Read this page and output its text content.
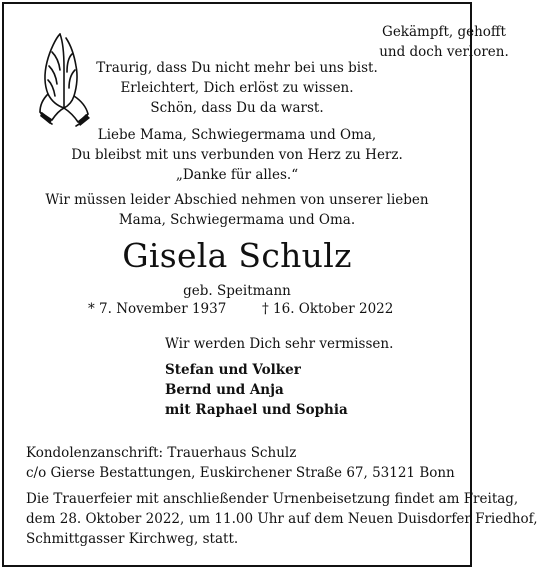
Gekämpft, gehofft
und doch verloren.
Traurig, dass Du nicht mehr bei uns bist.
Erleichtert, Dich erlöst zu wissen.
Schön, dass Du da warst.
Liebe Mama, Schwiegermama und Oma,
Du bleibst mit uns verbunden von Herz zu Herz.
„Danke für alles.“
Wir müssen leider Abschied nehmen von unserer lieben
Mama, Schwiegermama und Oma.
Gisela Schulz
geb. Speitmann
* 7. November 1937	† 16. Oktober 2022
Wir werden Dich sehr vermissen.
Stefan und Volker
Bernd und Anja
mit Raphael und Sophia
Kondolenzanschrift: Trauerhaus Schulz
c/o Gierse Bestattungen, Euskirchener Straße 67, 53121 Bonn
Die Trauerfeier mit anschließender Urnenbeisetzung findet am Freitag,
dem 28. Oktober 2022, um 11.00 Uhr auf dem Neuen Duisdorfer Friedhof,
Schmittgasser Kirchweg, statt.
